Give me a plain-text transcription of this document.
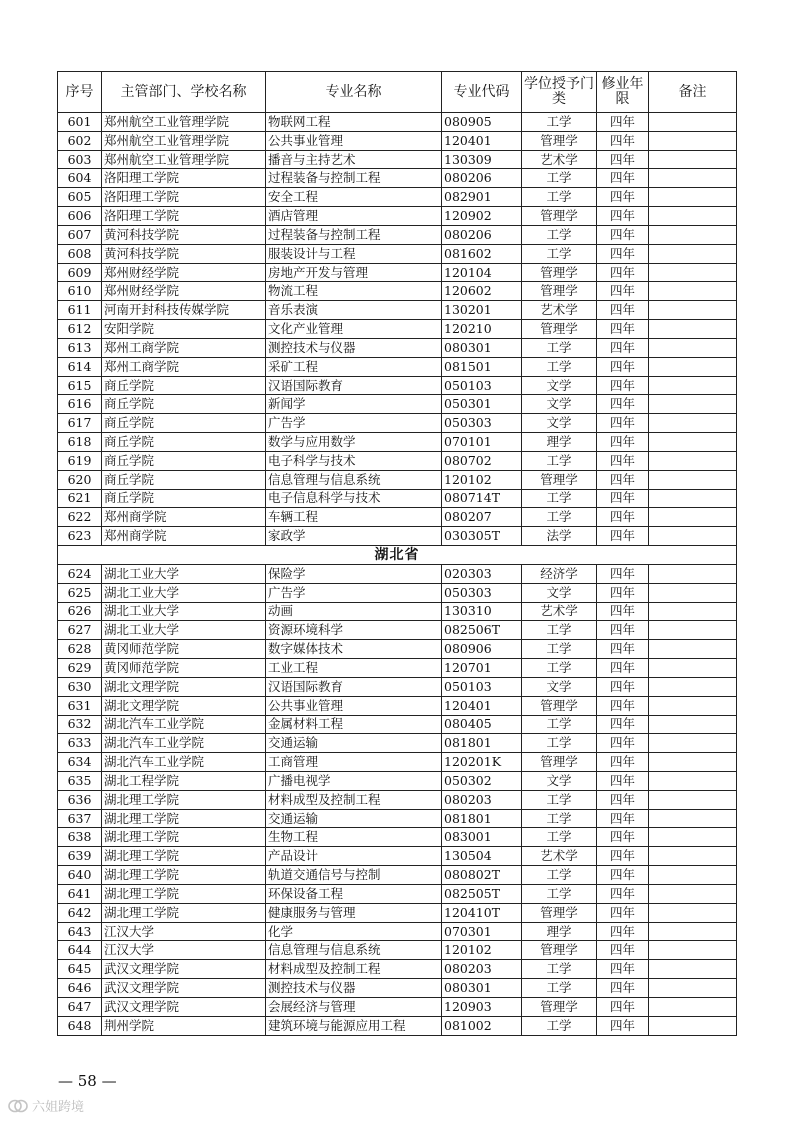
序号	主管部门、学校名称	专业名称	专业代码	学位授予门类	修业年限	备注
601	郑州航空工业管理学院	物联网工程	080905	工学	四年	
602	郑州航空工业管理学院	公共事业管理	120401	管理学	四年	
603	郑州航空工业管理学院	播音与主持艺术	130309	艺术学	四年	
604	洛阳理工学院	过程装备与控制工程	080206	工学	四年	
605	洛阳理工学院	安全工程	082901	工学	四年	
606	洛阳理工学院	酒店管理	120902	管理学	四年	
607	黄河科技学院	过程装备与控制工程	080206	工学	四年	
608	黄河科技学院	服装设计与工程	081602	工学	四年	
609	郑州财经学院	房地产开发与管理	120104	管理学	四年	
610	郑州财经学院	物流工程	120602	管理学	四年	
611	河南开封科技传媒学院	音乐表演	130201	艺术学	四年	
612	安阳学院	文化产业管理	120210	管理学	四年	
613	郑州工商学院	测控技术与仪器	080301	工学	四年	
614	郑州工商学院	采矿工程	081501	工学	四年	
615	商丘学院	汉语国际教育	050103	文学	四年	
616	商丘学院	新闻学	050301	文学	四年	
617	商丘学院	广告学	050303	文学	四年	
618	商丘学院	数学与应用数学	070101	理学	四年	
619	商丘学院	电子科学与技术	080702	工学	四年	
620	商丘学院	信息管理与信息系统	120102	管理学	四年	
621	商丘学院	电子信息科学与技术	080714T	工学	四年	
622	郑州商学院	车辆工程	080207	工学	四年	
623	郑州商学院	家政学	030305T	法学	四年	
湖北省						
624	湖北工业大学	保险学	020303	经济学	四年	
625	湖北工业大学	广告学	050303	文学	四年	
626	湖北工业大学	动画	130310	艺术学	四年	
627	湖北工业大学	资源环境科学	082506T	工学	四年	
628	黄冈师范学院	数字媒体技术	080906	工学	四年	
629	黄冈师范学院	工业工程	120701	工学	四年	
630	湖北文理学院	汉语国际教育	050103	文学	四年	
631	湖北文理学院	公共事业管理	120401	管理学	四年	
632	湖北汽车工业学院	金属材料工程	080405	工学	四年	
633	湖北汽车工业学院	交通运输	081801	工学	四年	
634	湖北汽车工业学院	工商管理	120201K	管理学	四年	
635	湖北工程学院	广播电视学	050302	文学	四年	
636	湖北理工学院	材料成型及控制工程	080203	工学	四年	
637	湖北理工学院	交通运输	081801	工学	四年	
638	湖北理工学院	生物工程	083001	工学	四年	
639	湖北理工学院	产品设计	130504	艺术学	四年	
640	湖北理工学院	轨道交通信号与控制	080802T	工学	四年	
641	湖北理工学院	环保设备工程	082505T	工学	四年	
642	湖北理工学院	健康服务与管理	120410T	管理学	四年	
643	江汉大学	化学	070301	理学	四年	
644	江汉大学	信息管理与信息系统	120102	管理学	四年	
645	武汉文理学院	材料成型及控制工程	080203	工学	四年	
646	武汉文理学院	测控技术与仪器	080301	工学	四年	
647	武汉文理学院	会展经济与管理	120903	管理学	四年	
648	荆州学院	建筑环境与能源应用工程	081002	工学	四年	
— 58 —
六姐跨境
